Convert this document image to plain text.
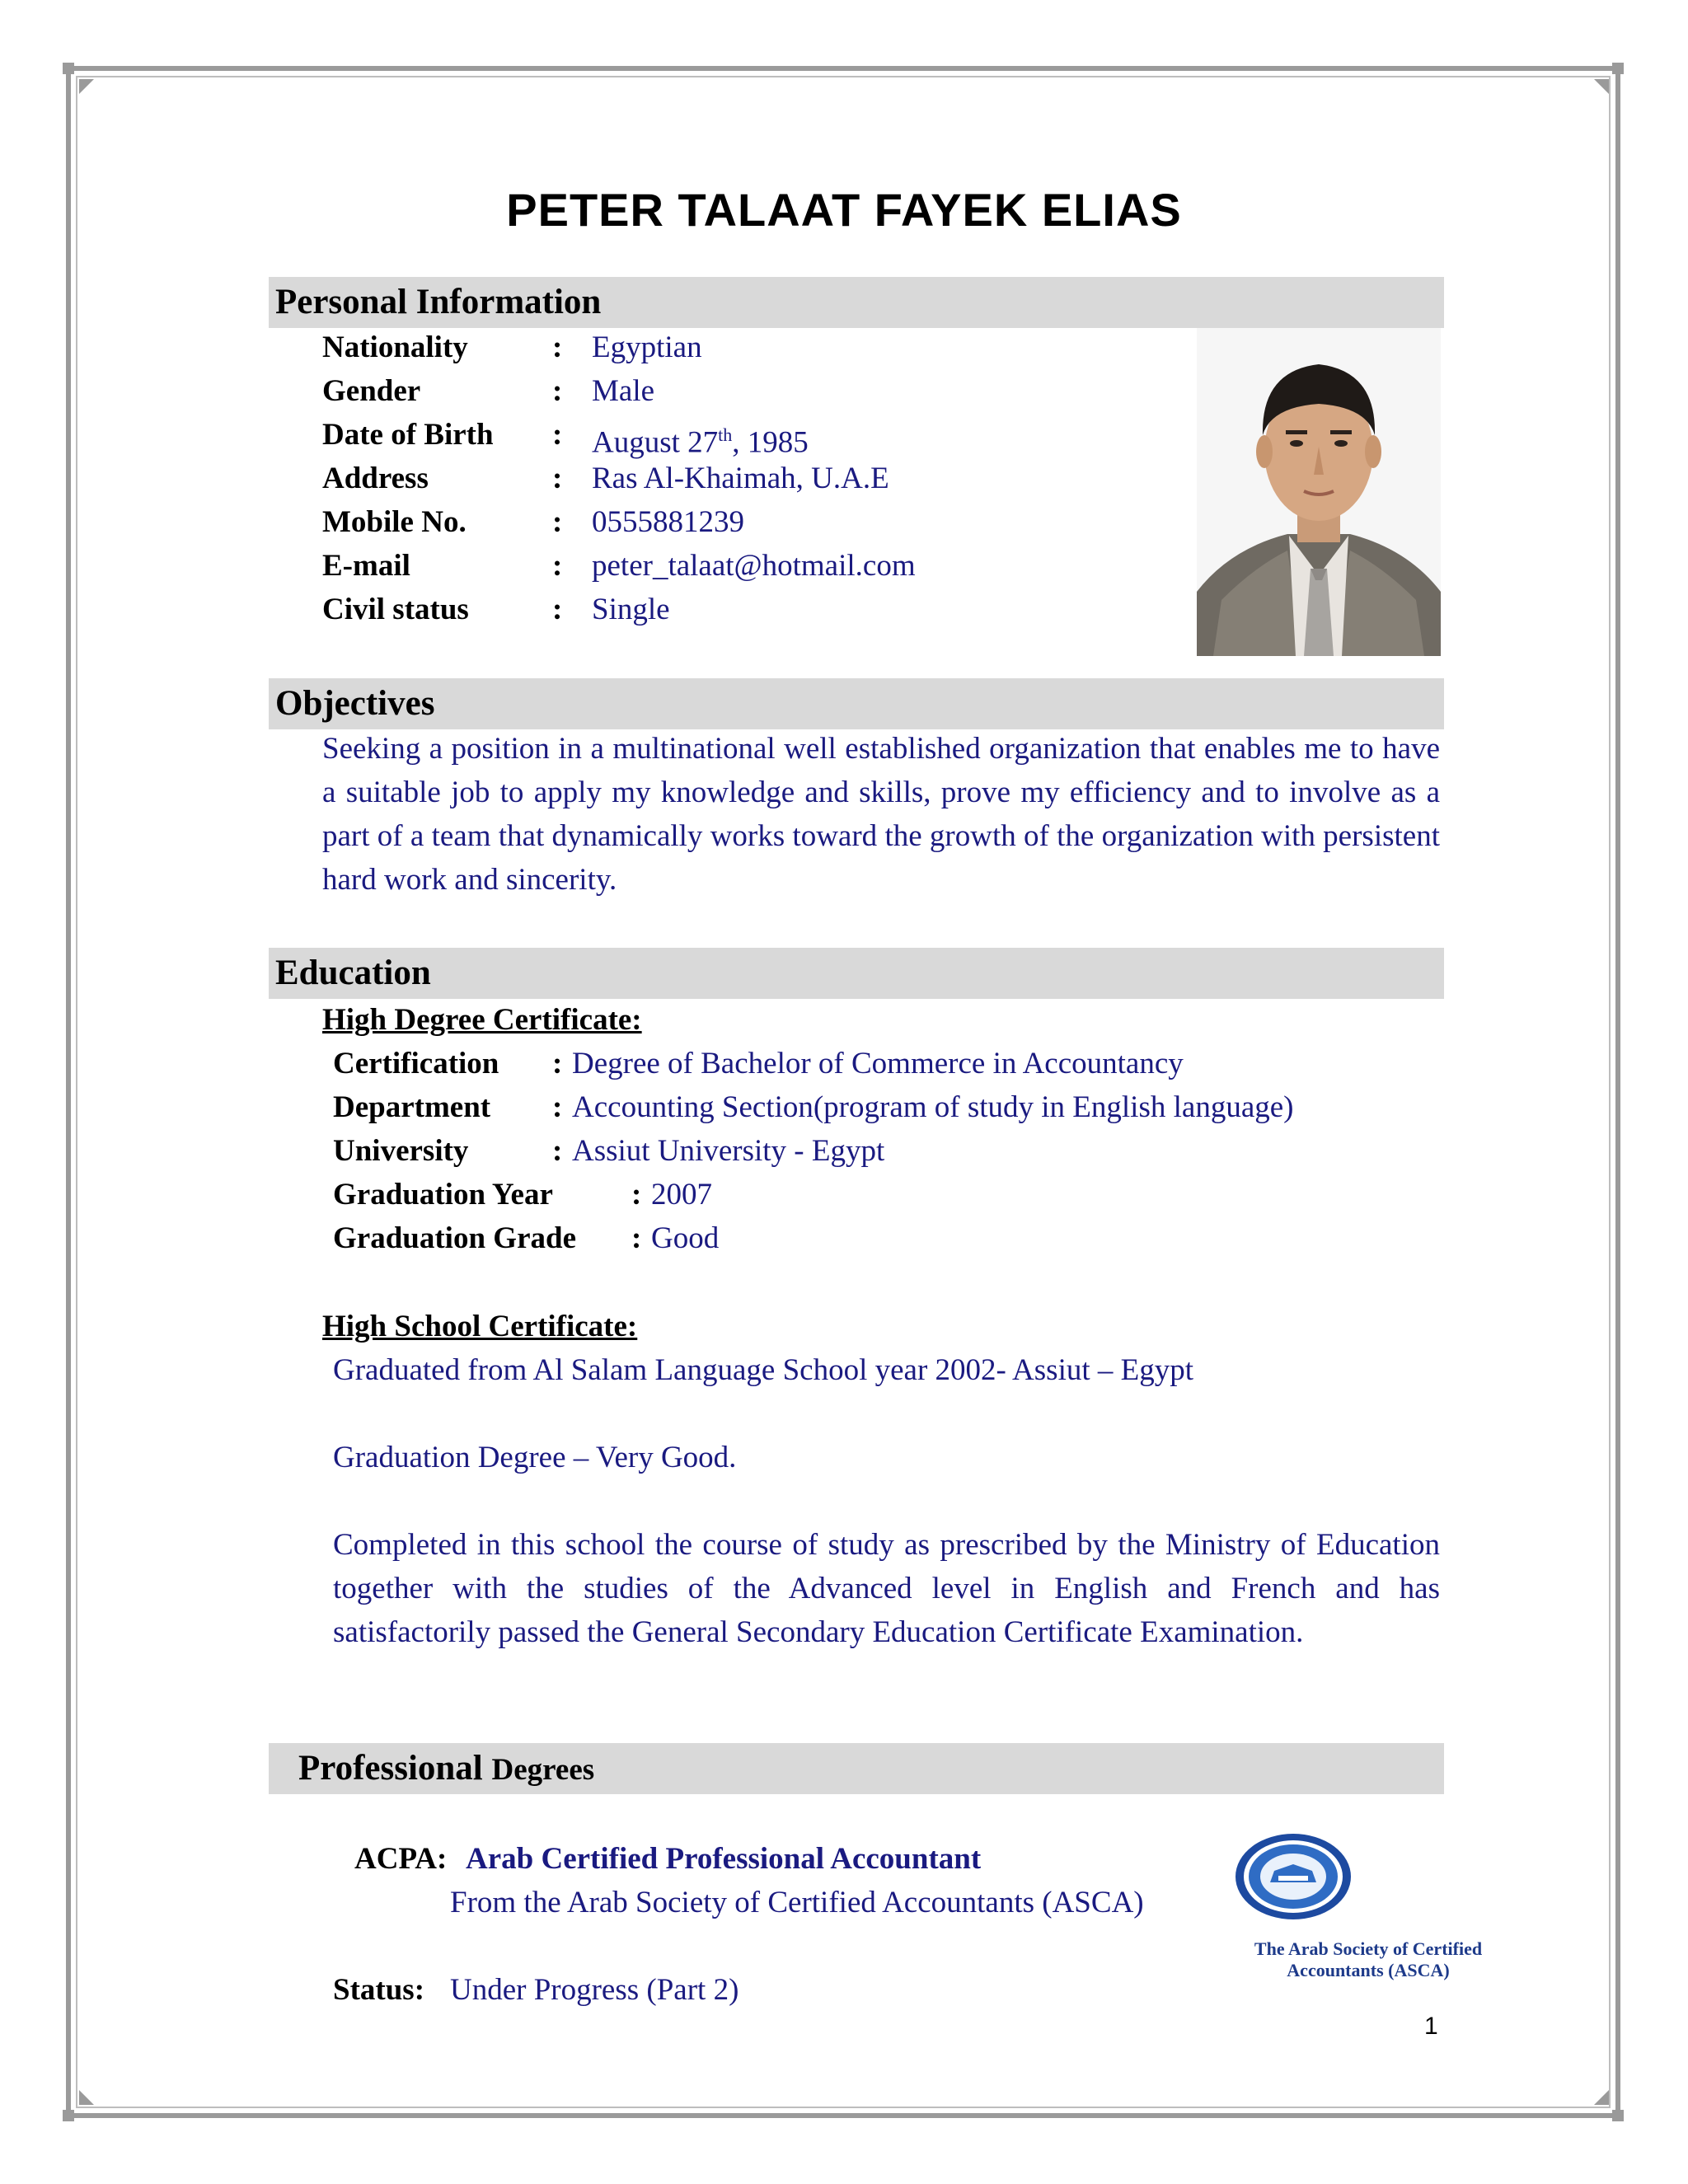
PETER TALAAT FAYEK ELIAS
Personal Information
Nationality	: Egyptian
Gender	: Male
Date of Birth : August 27th, 1985
Address	: Ras Al-Khaimah, U.A.E
Mobile No.	: 0555881239
E-mail	: peter_talaat@hotmail.com
Civil status	: Single
Objectives
Seeking a position in a multinational well established organization that enables me to have a suitable job to apply my knowledge and skills, prove my efficiency and to involve as a part of a team that dynamically works toward the growth of the organization with persistent hard work and sincerity.
Education
High Degree Certificate:
Certification : Degree of Bachelor of Commerce in Accountancy
Department : Accounting Section(program of study in English language)
University	: Assiut University - Egypt
Graduation Year	: 2007
Graduation Grade : Good
High School Certificate:
Graduated from Al Salam Language School year 2002- Assiut – Egypt
Graduation Degree – Very Good.
Completed in this school the course of study as prescribed by the Ministry of Education together with the studies of the Advanced level in English and French and has satisfactorily passed the General Secondary Education Certificate Examination.
Professional Degrees
ACPA: Arab Certified Professional Accountant
From the Arab Society of Certified Accountants (ASCA)
Status: Under Progress (Part 2)
The Arab Society of Certified
Accountants (ASCA)
1
